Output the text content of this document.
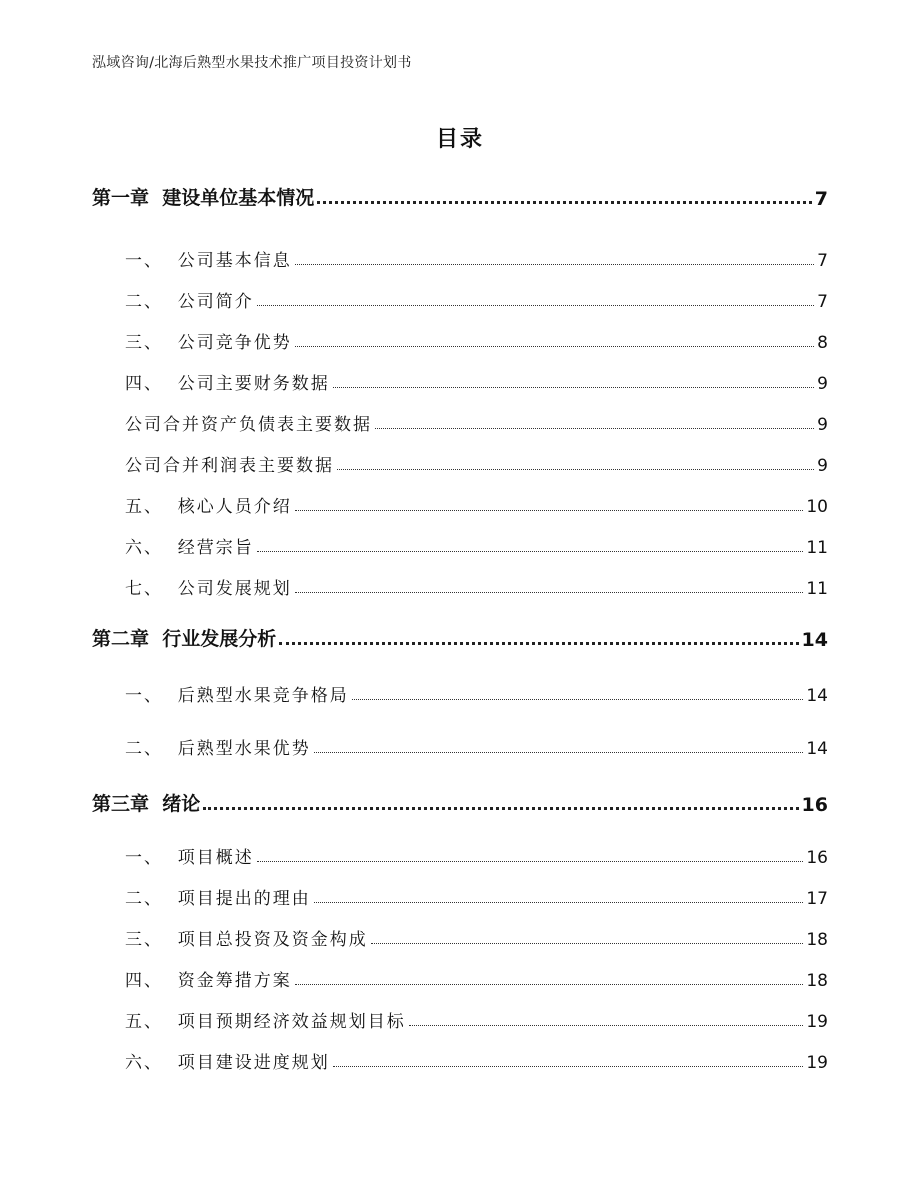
泓域咨询/北海后熟型水果技术推广项目投资计划书
目录
第一章  建设单位基本情况	7
一、  公司基本信息	7
二、  公司简介	7
三、  公司竞争优势	8
四、  公司主要财务数据	9
公司合并资产负债表主要数据	9
公司合并利润表主要数据	9
五、  核心人员介绍	10
六、  经营宗旨	11
七、  公司发展规划	11
第二章  行业发展分析	14
一、  后熟型水果竞争格局	14
二、  后熟型水果优势	14
第三章  绪论	16
一、  项目概述	16
二、  项目提出的理由	17
三、  项目总投资及资金构成	18
四、  资金筹措方案	18
五、  项目预期经济效益规划目标	19
六、  项目建设进度规划	19
